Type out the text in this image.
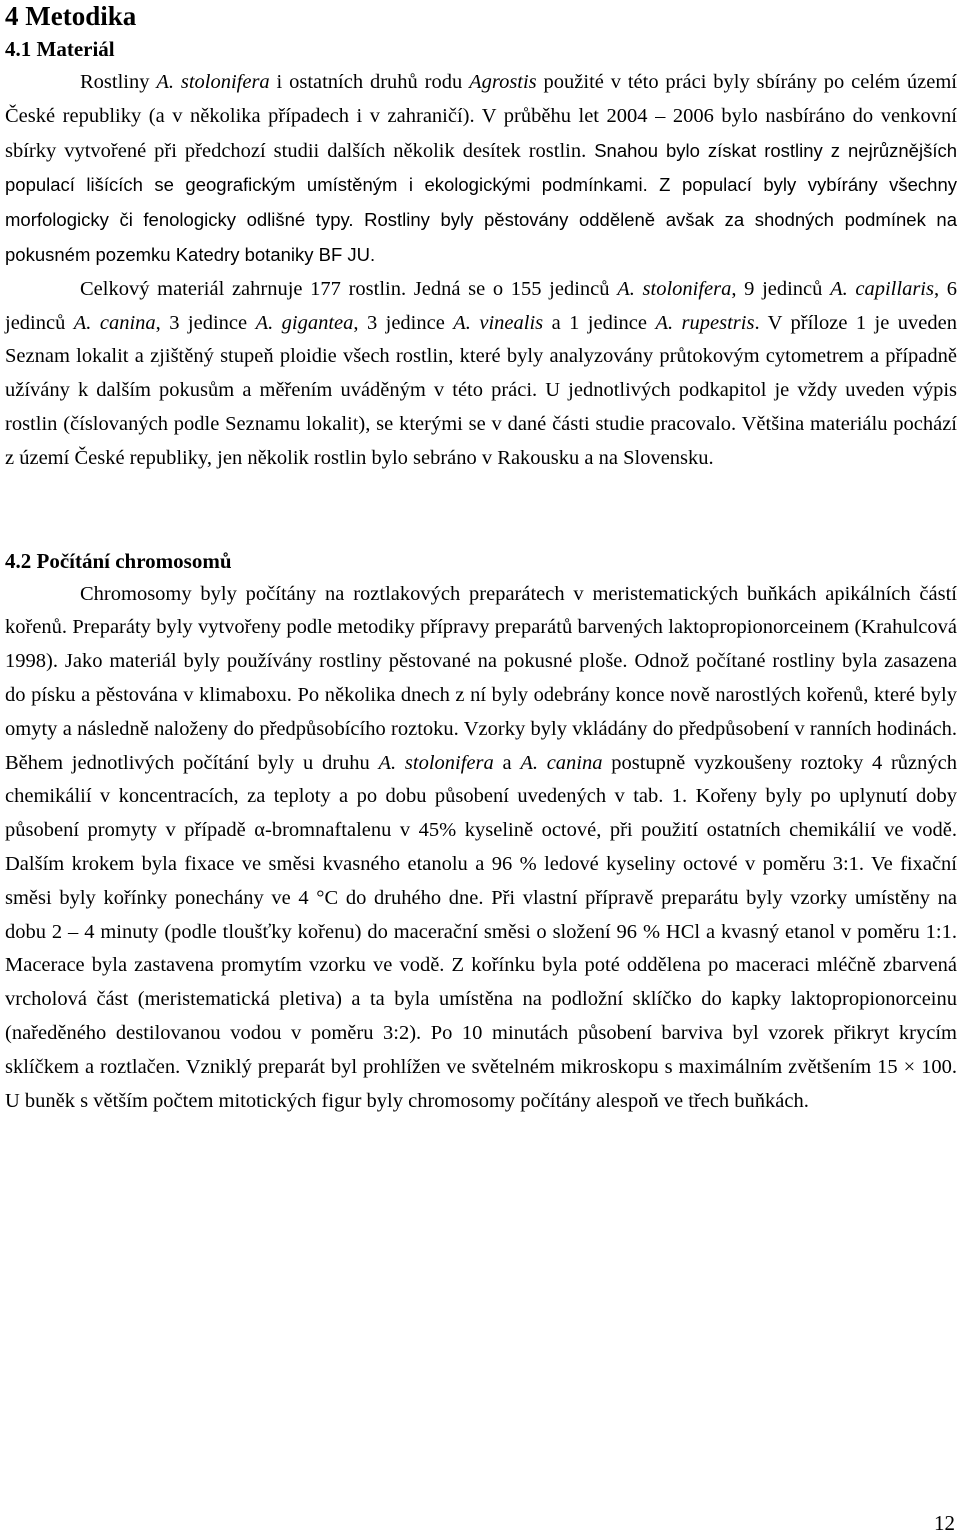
4 Metodika
4.1 Materiál

Rostliny A. stolonifera i ostatních druhů rodu Agrostis použité v této práci byly sbírány po celém území České republiky (a v několika případech i v zahraničí). V průběhu let 2004 – 2006 bylo nasbíráno do venkovní sbírky vytvořené při předchozí studii dalších několik desítek rostlin. Snahou bylo získat rostliny z nejrůznějších populací lišících se geografickým umístěným i ekologickými podmínkami. Z populací byly vybírány všechny morfologicky či fenologicky odlišné typy. Rostliny byly pěstovány odděleně avšak za shodných podmínek na pokusném pozemku Katedry botaniky BF JU.

Celkový materiál zahrnuje 177 rostlin. Jedná se o 155 jedinců A. stolonifera, 9 jedinců A. capillaris, 6 jedinců A. canina, 3 jedince A. gigantea, 3 jedince A. vinealis a 1 jedince A. rupestris. V příloze 1 je uveden Seznam lokalit a zjištěný stupeň ploidie všech rostlin, které byly analyzovány průtokovým cytometrem a případně užívány k dalším pokusům a měřením uváděným v této práci. U jednotlivých podkapitol je vždy uveden výpis rostlin (číslovaných podle Seznamu lokalit), se kterými se v dané části studie pracovalo. Většina materiálu pochází z území České republiky, jen několik rostlin bylo sebráno v Rakousku a na Slovensku.

4.2 Počítání chromosomů

Chromosomy byly počítány na roztlakových preparátech v meristematických buňkách apikálních částí kořenů. Preparáty byly vytvořeny podle metodiky přípravy preparátů barvených laktopropionorceinem (Krahulcová 1998). Jako materiál byly používány rostliny pěstované na pokusné ploše. Odnož počítané rostliny byla zasazena do písku a pěstována v klimaboxu. Po několika dnech z ní byly odebrány konce nově narostlých kořenů, které byly omyty a následně naloženy do předpůsobícího roztoku. Vzorky byly vkládány do předpůsobení v ranních hodinách. Během jednotlivých počítání byly u druhu A. stolonifera a A. canina postupně vyzkoušeny roztoky 4 různých chemikálií v koncentracích, za teploty a po dobu působení uvedených v tab. 1. Kořeny byly po uplynutí doby působení promyty v případě α-bromnaftalenu v 45% kyselině octové, při použití ostatních chemikálií ve vodě. Dalším krokem byla fixace ve směsi kvasného etanolu a 96 % ledové kyseliny octové v poměru 3:1. Ve fixační směsi byly kořínky ponechány ve 4 °C do druhého dne. Při vlastní přípravě preparátu byly vzorky umístěny na dobu 2 – 4 minuty (podle tloušťky kořenu) do macerační směsi o složení 96 % HCl a kvasný etanol v poměru 1:1. Macerace byla zastavena promytím vzorku ve vodě. Z kořínku byla poté oddělena po maceraci mléčně zbarvená vrcholová část (meristematická pletiva) a ta byla umístěna na podložní sklíčko do kapky laktopropionorceinu (naředěného destilovanou vodou v poměru 3:2). Po 10 minutách působení barviva byl vzorek přikryt krycím sklíčkem a roztlačen. Vzniklý preparát byl prohlížen ve světelném mikroskopu s maximálním zvětšením 15 × 100. U buněk s větším počtem mitotických figur byly chromosomy počítány alespoň ve třech buňkách.

12
